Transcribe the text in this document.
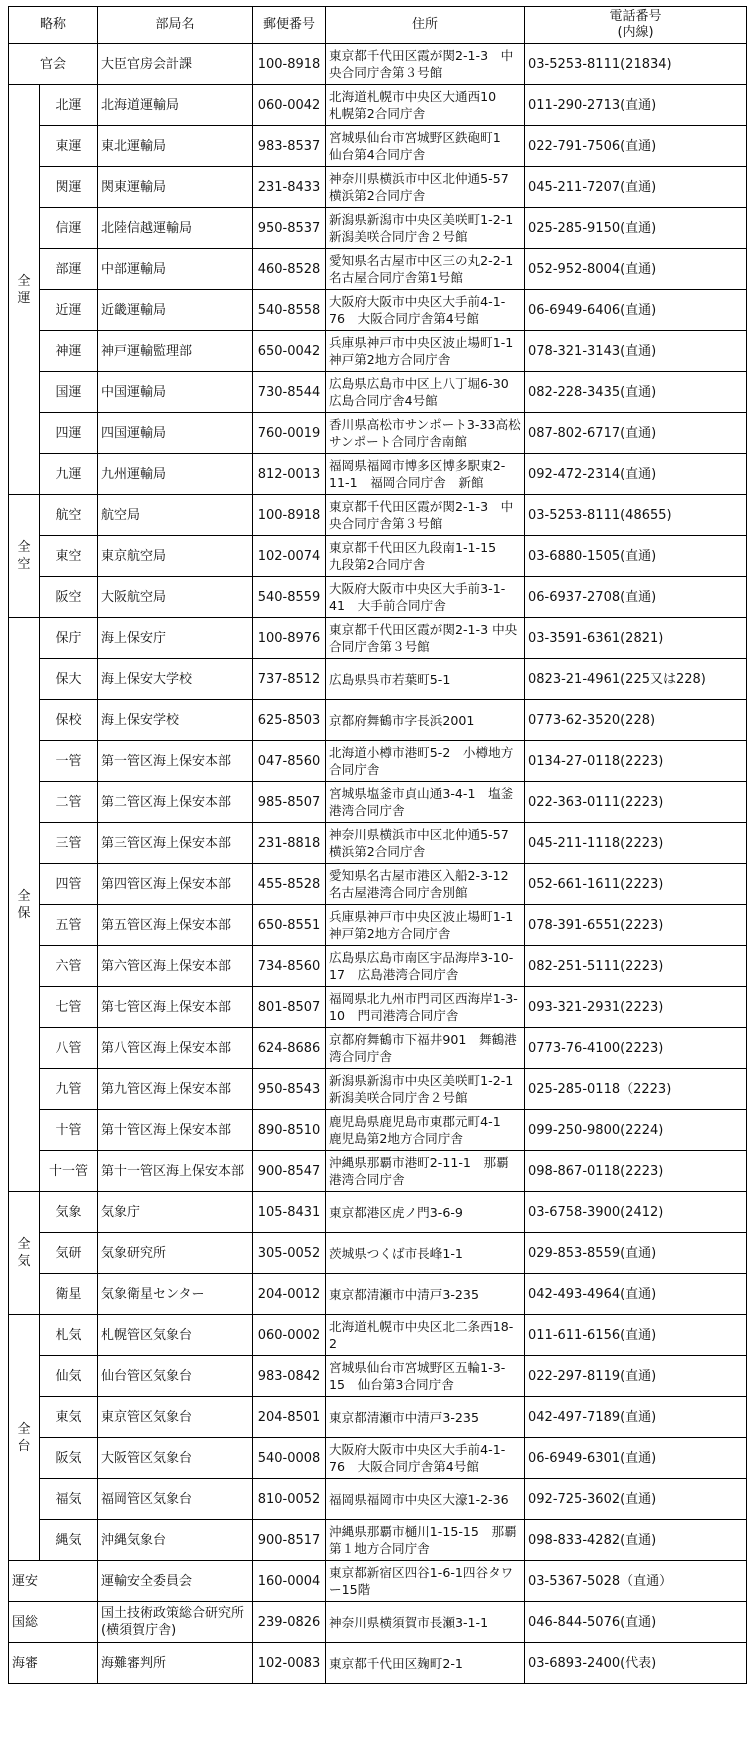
略称		部局名	郵便番号	住所	電話番号
(内線)

官会		大臣官房会計課	100-8918	東京都千代田区霞が関2-1-3　中央合同庁舎第３号館	03-5253-8111(21834)

全
運	北運	北海道運輸局	060-0042	北海道札幌市中央区大通西10　札幌第2合同庁舎	011-290-2713(直通)
	東運	東北運輸局	983-8537	宮城県仙台市宮城野区鉄砲町1　仙台第4合同庁舎	022-791-7506(直通)
	関運	関東運輸局	231-8433	神奈川県横浜市中区北仲通5-57　横浜第2合同庁舎	045-211-7207(直通)
	信運	北陸信越運輸局	950-8537	新潟県新潟市中央区美咲町1-2-1 新潟美咲合同庁舎２号館	025-285-9150(直通)
	部運	中部運輸局	460-8528	愛知県名古屋市中区三の丸2-2-1　名古屋合同庁舎第1号館	052-952-8004(直通)
	近運	近畿運輸局	540-8558	大阪府大阪市中央区大手前4-1-76　大阪合同庁舎第4号館	06-6949-6406(直通)
	神運	神戸運輸監理部	650-0042	兵庫県神戸市中央区波止場町1-1　神戸第2地方合同庁舎	078-321-3143(直通)
	国運	中国運輸局	730-8544	広島県広島市中区上八丁堀6-30　広島合同庁舎4号館	082-228-3435(直通)
	四運	四国運輸局	760-0019	香川県高松市サンポート3-33高松サンポート合同庁舎南館	087-802-6717(直通)
	九運	九州運輸局	812-0013	福岡県福岡市博多区博多駅東2-11-1　福岡合同庁舎　新館	092-472-2314(直通)

全
空	航空	航空局	100-8918	東京都千代田区霞が関2-1-3　中央合同庁舎第３号館	03-5253-8111(48655)
	東空	東京航空局	102-0074	東京都千代田区九段南1-1-15　九段第2合同庁舎	03-6880-1505(直通)
	阪空	大阪航空局	540-8559	大阪府大阪市中央区大手前3-1-41　大手前合同庁舎	06-6937-2708(直通)

全
保	保庁	海上保安庁	100-8976	東京都千代田区霞が関2-1-3 中央合同庁舎第３号館	03-3591-6361(2821)
	保大	海上保安大学校	737-8512	広島県呉市若葉町5-1	0823-21-4961(225又は228)
	保校	海上保安学校	625-8503	京都府舞鶴市字長浜2001	0773-62-3520(228)
	一管	第一管区海上保安本部	047-8560	北海道小樽市港町5-2　小樽地方合同庁舎	0134-27-0118(2223)
	二管	第二管区海上保安本部	985-8507	宮城県塩釜市貞山通3-4-1　塩釜港湾合同庁舎	022-363-0111(2223)
	三管	第三管区海上保安本部	231-8818	神奈川県横浜市中区北仲通5-57　横浜第2合同庁舎	045-211-1118(2223)
	四管	第四管区海上保安本部	455-8528	愛知県名古屋市港区入船2-3-12　名古屋港湾合同庁舎別館	052-661-1611(2223)
	五管	第五管区海上保安本部	650-8551	兵庫県神戸市中央区波止場町1-1　神戸第2地方合同庁舎	078-391-6551(2223)
	六管	第六管区海上保安本部	734-8560	広島県広島市南区宇品海岸3-10-17　広島港湾合同庁舎	082-251-5111(2223)
	七管	第七管区海上保安本部	801-8507	福岡県北九州市門司区西海岸1-3-10　門司港湾合同庁舎	093-321-2931(2223)
	八管	第八管区海上保安本部	624-8686	京都府舞鶴市下福井901　舞鶴港湾合同庁舎	0773-76-4100(2223)
	九管	第九管区海上保安本部	950-8543	新潟県新潟市中央区美咲町1-2-1 新潟美咲合同庁舎２号館	025-285-0118（2223)
	十管	第十管区海上保安本部	890-8510	鹿児島県鹿児島市東郡元町4-1　鹿児島第2地方合同庁舎	099-250-9800(2224)
	十一管	第十一管区海上保安本部	900-8547	沖縄県那覇市港町2-11-1　那覇港湾合同庁舎	098-867-0118(2223)

全
気	気象	気象庁	105-8431	東京都港区虎ノ門3-6-9	03-6758-3900(2412)
	気研	気象研究所	305-0052	茨城県つくば市長峰1-1	029-853-8559(直通)
	衛星	気象衛星センター	204-0012	東京都清瀬市中清戸3-235	042-493-4964(直通)

全
台	札気	札幌管区気象台	060-0002	北海道札幌市中央区北二条西18-2	011-611-6156(直通)
	仙気	仙台管区気象台	983-0842	宮城県仙台市宮城野区五輪1-3-15　仙台第3合同庁舎	022-297-8119(直通)
	東気	東京管区気象台	204-8501	東京都清瀬市中清戸3-235	042-497-7189(直通)
	阪気	大阪管区気象台	540-0008	大阪府大阪市中央区大手前4-1-76　大阪合同庁舎第4号館	06-6949-6301(直通)
	福気	福岡管区気象台	810-0052	福岡県福岡市中央区大濠1-2-36	092-725-3602(直通)
	縄気	沖縄気象台	900-8517	沖縄県那覇市樋川1-15-15　那覇第１地方合同庁舎	098-833-4282(直通)
運安		運輸安全委員会	160-0004	東京都新宿区四谷1-6-1四谷タワー15階	03-5367-5028（直通）
国総		国土技術政策総合研究所(横須賀庁舎)	239-0826	神奈川県横須賀市長瀬3-1-1	046-844-5076(直通)
海審		海難審判所	102-0083	東京都千代田区麹町2-1	03-6893-2400(代表)
